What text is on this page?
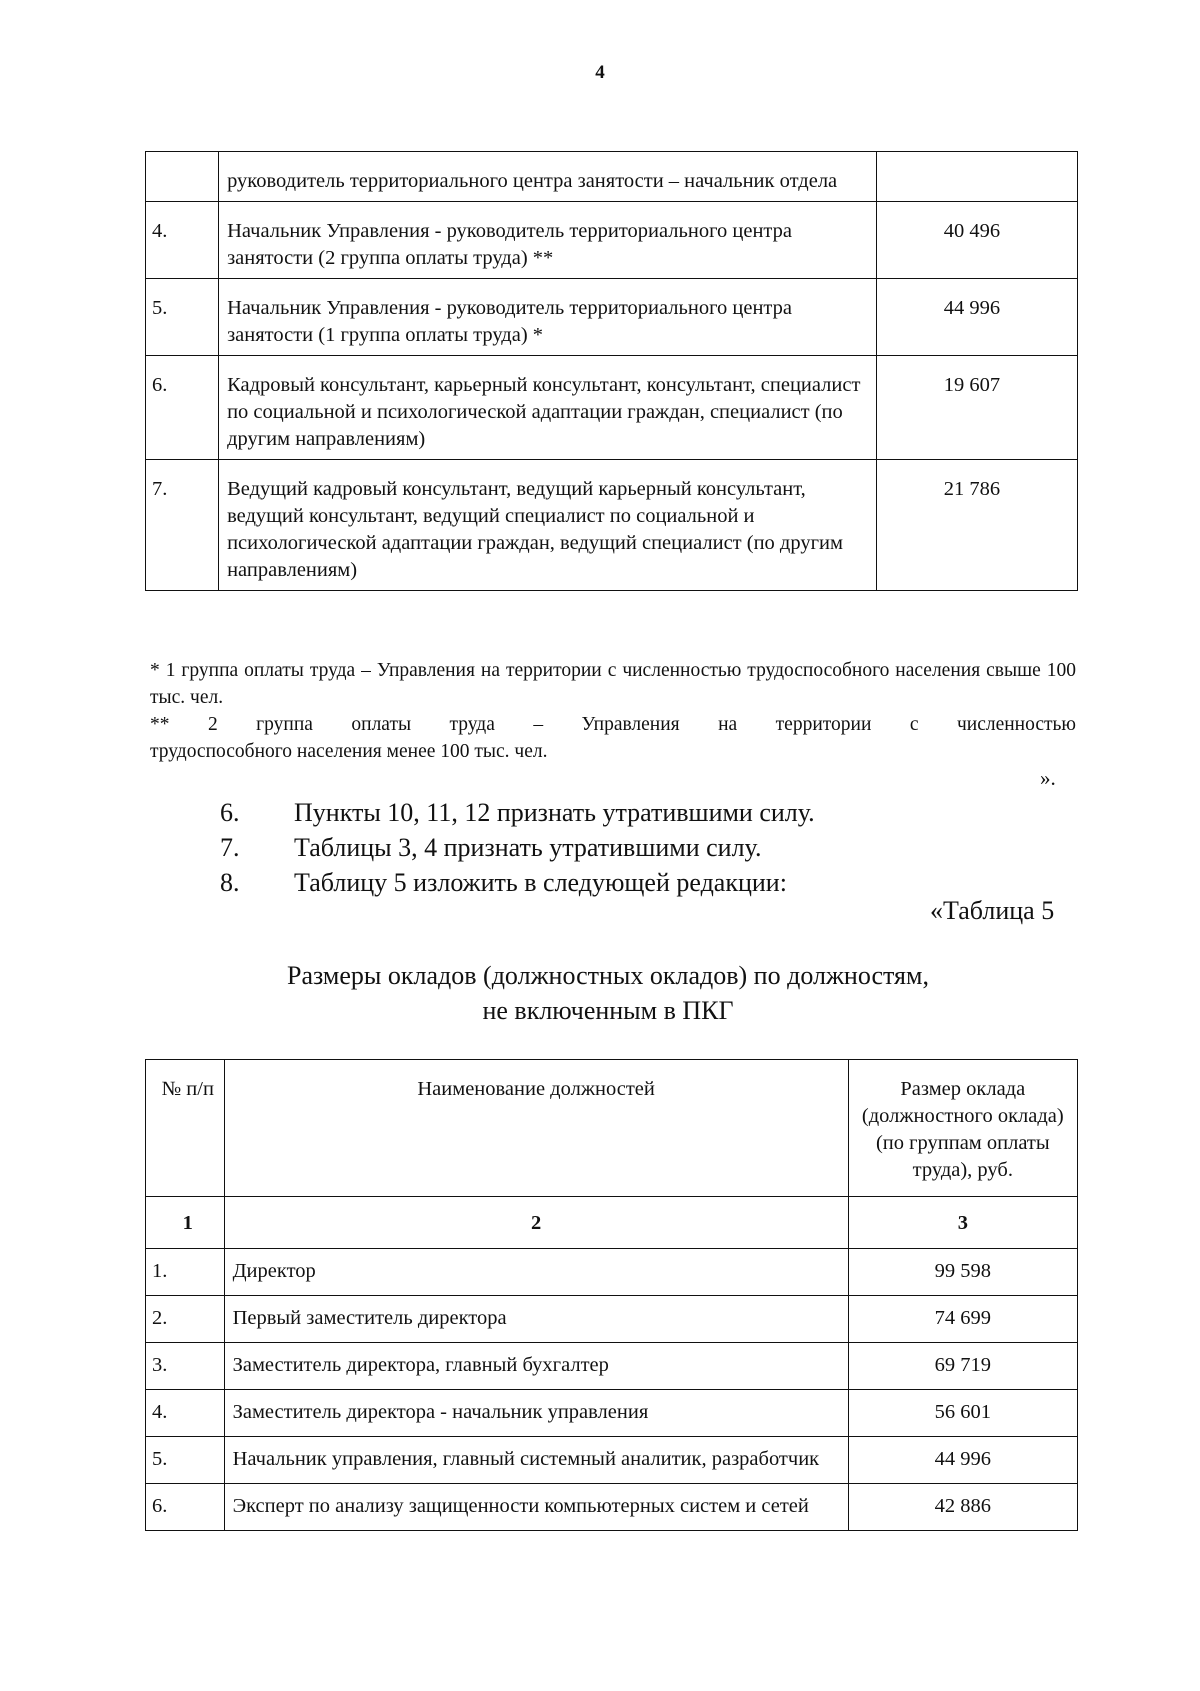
4
	руководитель территориального центра занятости – начальник отдела	
4.	Начальник Управления - руководитель территориального центра занятости (2 группа оплаты труда) **	40 496
5.	Начальник Управления - руководитель территориального центра занятости (1 группа оплаты труда) *	44 996
6.	Кадровый консультант, карьерный консультант, консультант, специалист по социальной и психологической адаптации граждан, специалист (по другим направлениям)	19 607
7.	Ведущий кадровый консультант, ведущий карьерный консультант, ведущий консультант, ведущий специалист по социальной и психологической адаптации граждан, ведущий специалист (по другим направлениям)	21 786

* 1 группа оплаты труда – Управления на территории с численностью трудоспособного населения свыше 100 тыс. чел.

** 2 группа оплаты труда – Управления на территории с численностью

трудоспособного населения менее 100 тыс. чел.

».
6.	Пункты 10, 11, 12 признать утратившими силу.
7.	Таблицы 3, 4 признать утратившими силу.
8.	Таблицу 5 изложить в следующей редакции:
«Таблица 5
Размеры окладов (должностных окладов) по должностям,
не включенным в ПКГ
№ п/п	Наименование должностей	Размер оклада (должностного оклада) (по группам оплаты труда), руб.
1	2	3
1.	Директор	99 598
2.	Первый заместитель директора	74 699
3.	Заместитель директора, главный бухгалтер	69 719
4.	Заместитель директора - начальник управления	56 601
5.	Начальник управления, главный системный аналитик, разработчик	44 996
6.	Эксперт по анализу защищенности компьютерных систем и сетей	42 886
